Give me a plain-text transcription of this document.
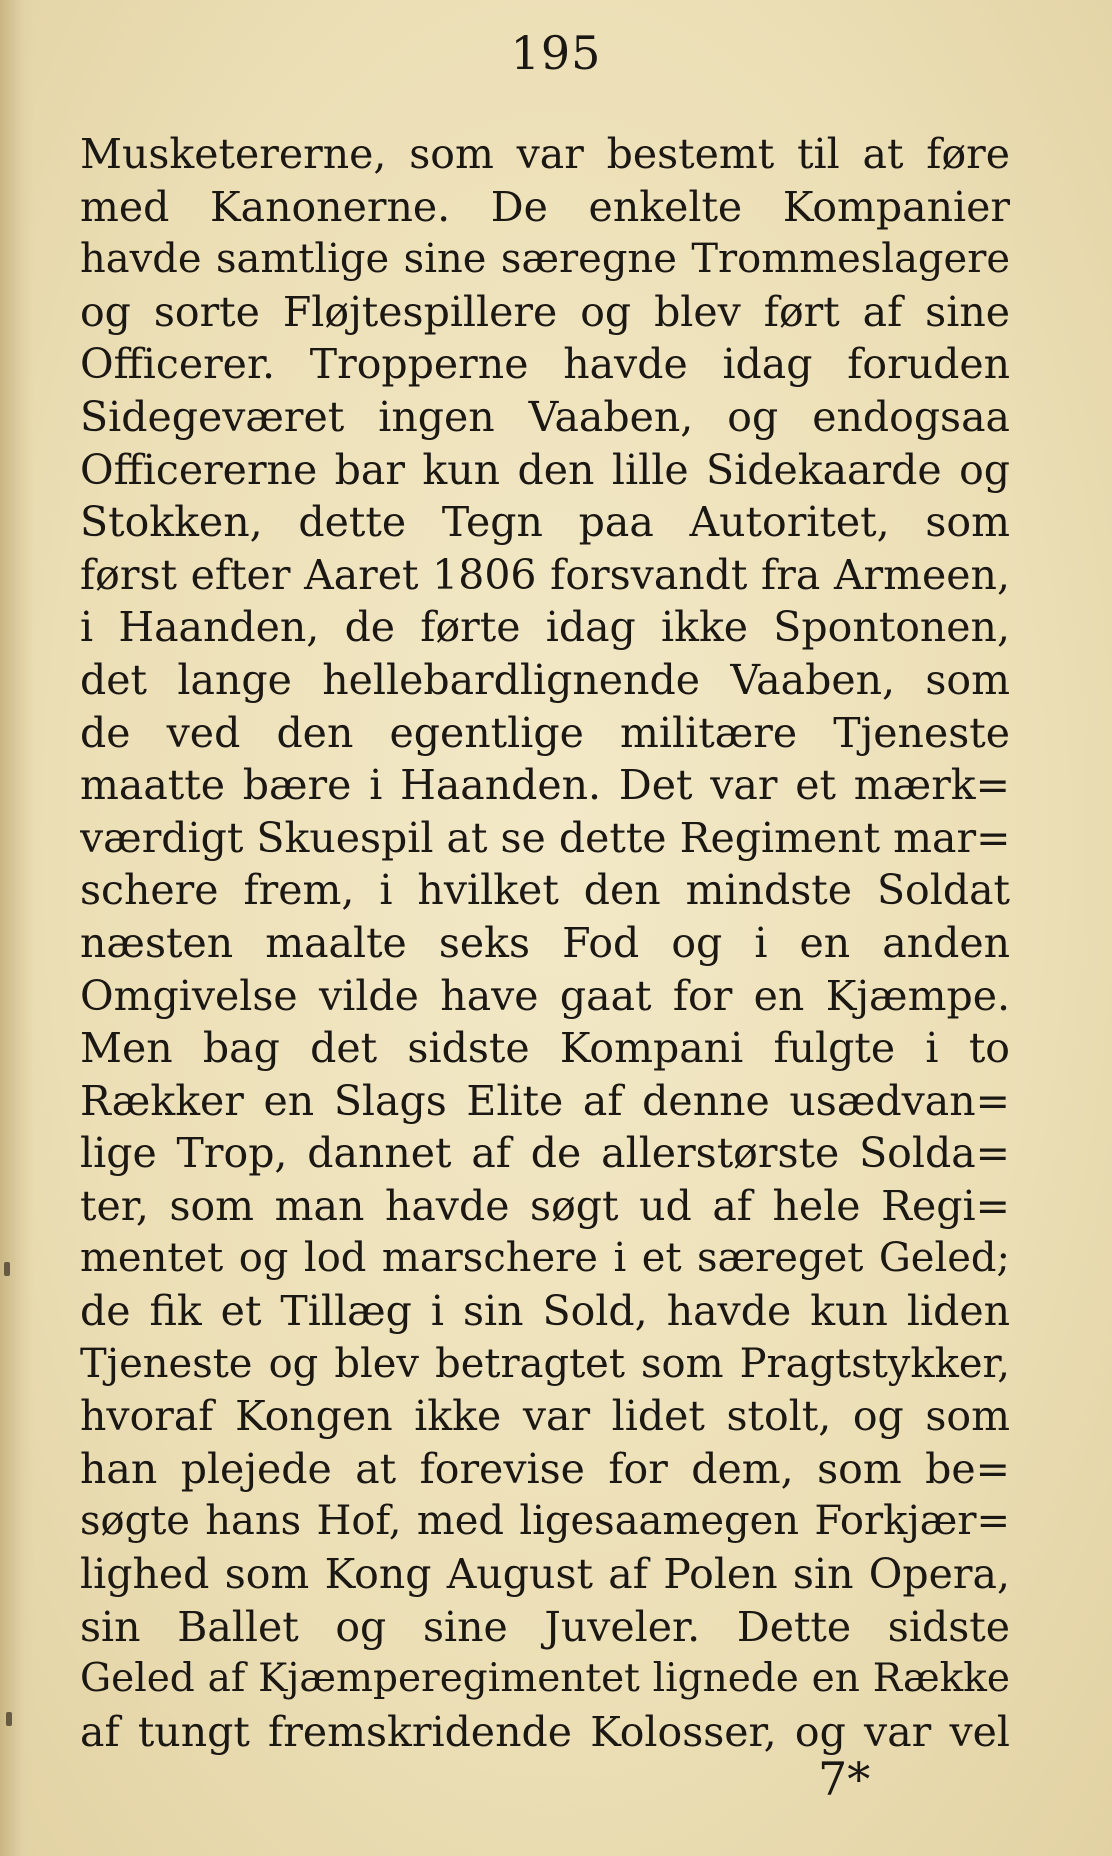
195
Musketererne, som var bestemt til at føre
med Kanonerne. De enkelte Kompanier
havde samtlige sine særegne Trommeslagere
og sorte Fløjtespillere og blev ført af sine
Officerer. Tropperne havde idag foruden
Sidegeværet ingen Vaaben, og endogsaa
Officererne bar kun den lille Sidekaarde og
Stokken, dette Tegn paa Autoritet, som
først efter Aaret 1806 forsvandt fra Armeen,
i Haanden, de førte idag ikke Spontonen,
det lange hellebardlignende Vaaben, som
de ved den egentlige militære Tjeneste
maatte bære i Haanden. Det var et mærk=
værdigt Skuespil at se dette Regiment mar=
schere frem, i hvilket den mindste Soldat
næsten maalte seks Fod og i en anden
Omgivelse vilde have gaat for en Kjæmpe.
Men bag det sidste Kompani fulgte i to
Rækker en Slags Elite af denne usædvan=
lige Trop, dannet af de allerstørste Solda=
ter, som man havde søgt ud af hele Regi=
mentet og lod marschere i et særeget Geled;
de fik et Tillæg i sin Sold, havde kun liden
Tjeneste og blev betragtet som Pragtstykker,
hvoraf Kongen ikke var lidet stolt, og som
han plejede at forevise for dem, som be=
søgte hans Hof, med ligesaamegen Forkjær=
lighed som Kong August af Polen sin Opera,
sin Ballet og sine Juveler. Dette sidste
Geled af Kjæmperegimentet lignede en Række
af tungt fremskridende Kolosser, og var vel
7*
